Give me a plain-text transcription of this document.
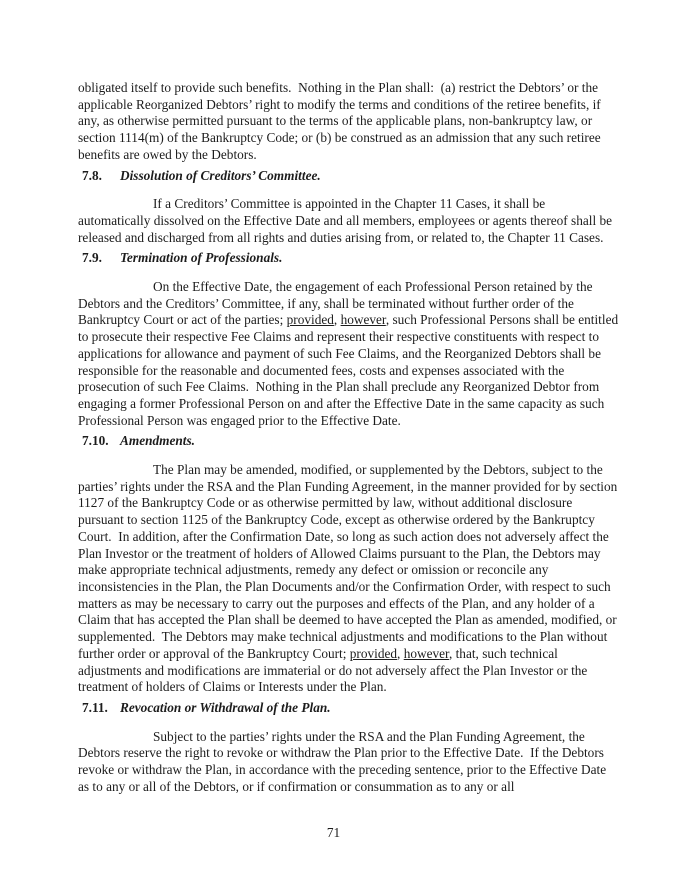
obligated itself to provide such benefits.  Nothing in the Plan shall:  (a) restrict the Debtors’ or the applicable Reorganized Debtors’ right to modify the terms and conditions of the retiree benefits, if any, as otherwise permitted pursuant to the terms of the applicable plans, non-bankruptcy law, or section 1114(m) of the Bankruptcy Code; or (b) be construed as an admission that any such retiree benefits are owed by the Debtors.

7.8. Dissolution of Creditors’ Committee.

If a Creditors’ Committee is appointed in the Chapter 11 Cases, it shall be automatically dissolved on the Effective Date and all members, employees or agents thereof shall be released and discharged from all rights and duties arising from, or related to, the Chapter 11 Cases.

7.9. Termination of Professionals.

On the Effective Date, the engagement of each Professional Person retained by the Debtors and the Creditors’ Committee, if any, shall be terminated without further order of the Bankruptcy Court or act of the parties; provided, however, such Professional Persons shall be entitled to prosecute their respective Fee Claims and represent their respective constituents with respect to applications for allowance and payment of such Fee Claims, and the Reorganized Debtors shall be responsible for the reasonable and documented fees, costs and expenses associated with the prosecution of such Fee Claims.  Nothing in the Plan shall preclude any Reorganized Debtor from engaging a former Professional Person on and after the Effective Date in the same capacity as such Professional Person was engaged prior to the Effective Date.

7.10. Amendments.

The Plan may be amended, modified, or supplemented by the Debtors, subject to the parties’ rights under the RSA and the Plan Funding Agreement, in the manner provided for by section 1127 of the Bankruptcy Code or as otherwise permitted by law, without additional disclosure pursuant to section 1125 of the Bankruptcy Code, except as otherwise ordered by the Bankruptcy Court.  In addition, after the Confirmation Date, so long as such action does not adversely affect the Plan Investor or the treatment of holders of Allowed Claims pursuant to the Plan, the Debtors may make appropriate technical adjustments, remedy any defect or omission or reconcile any inconsistencies in the Plan, the Plan Documents and/or the Confirmation Order, with respect to such matters as may be necessary to carry out the purposes and effects of the Plan, and any holder of a Claim that has accepted the Plan shall be deemed to have accepted the Plan as amended, modified, or supplemented.  The Debtors may make technical adjustments and modifications to the Plan without further order or approval of the Bankruptcy Court; provided, however, that, such technical adjustments and modifications are immaterial or do not adversely affect the Plan Investor or the treatment of holders of Claims or Interests under the Plan.

7.11. Revocation or Withdrawal of the Plan.

Subject to the parties’ rights under the RSA and the Plan Funding Agreement, the Debtors reserve the right to revoke or withdraw the Plan prior to the Effective Date.  If the Debtors revoke or withdraw the Plan, in accordance with the preceding sentence, prior to the Effective Date as to any or all of the Debtors, or if confirmation or consummation as to any or all

71
